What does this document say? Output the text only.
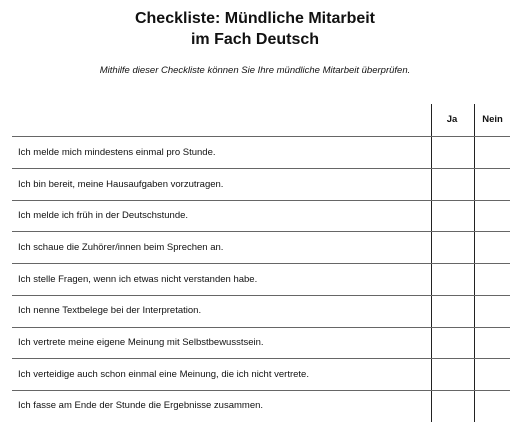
Checkliste: Mündliche Mitarbeit
im Fach Deutsch
Mithilfe dieser Checkliste können Sie Ihre mündliche Mitarbeit überprüfen.
Ja	Nein
Ich melde mich mindestens einmal pro Stunde.
Ich bin bereit, meine Hausaufgaben vorzutragen.
Ich melde ich früh in der Deutschstunde.
Ich schaue die Zuhörer/innen beim Sprechen an.
Ich stelle Fragen, wenn ich etwas nicht verstanden habe.
Ich nenne Textbelege bei der Interpretation.
Ich vertrete meine eigene Meinung mit Selbstbewusstsein.
Ich verteidige auch schon einmal eine Meinung, die ich nicht vertrete.
Ich fasse am Ende der Stunde die Ergebnisse zusammen.
